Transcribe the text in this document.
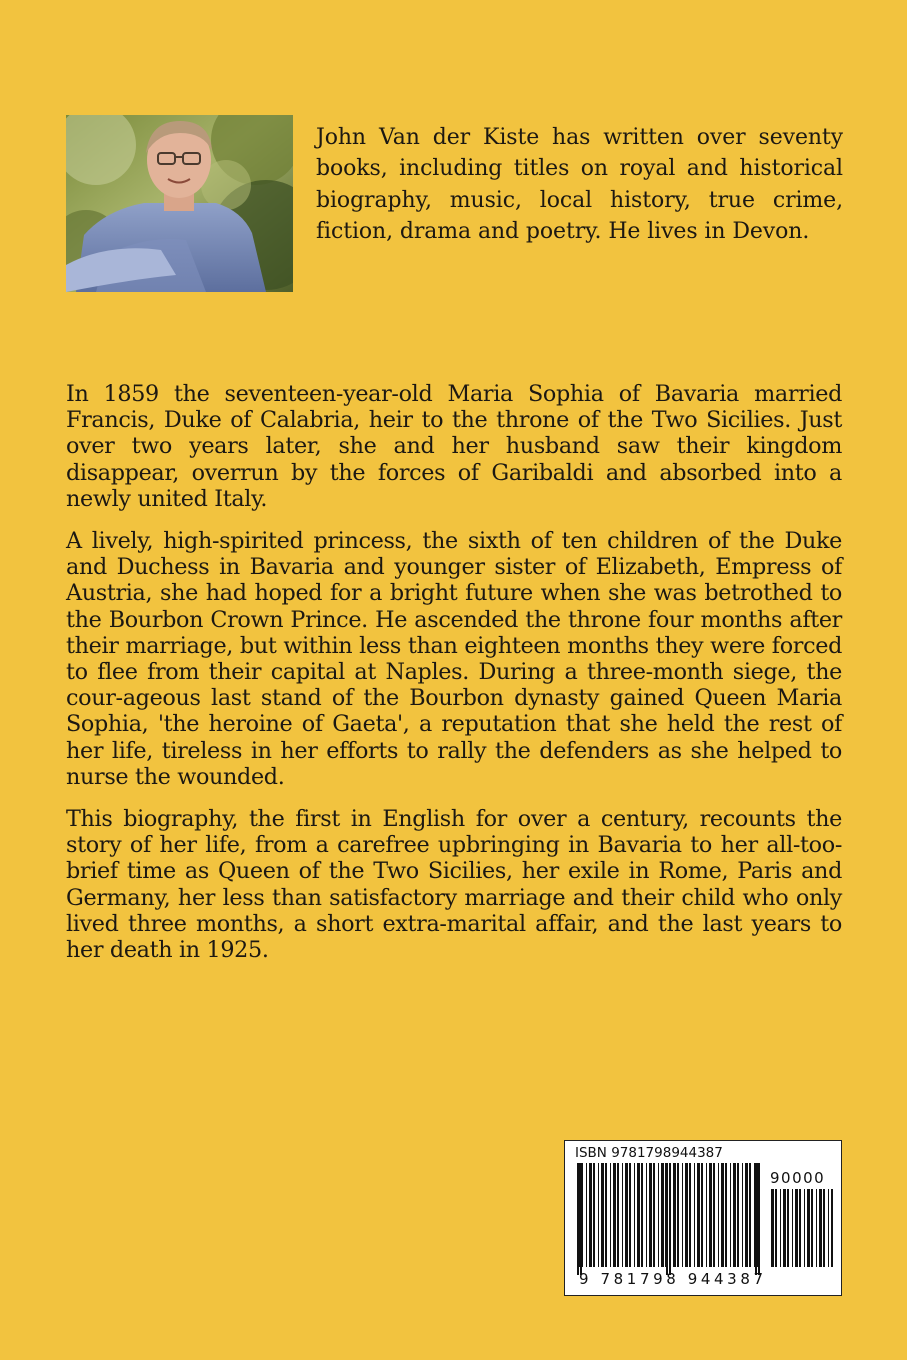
John Van der Kiste has written over seventy books, including titles on royal and historical biography, music, local history, true crime, fiction, drama and poetry. He lives in Devon.

In 1859 the seventeen-year-old Maria Sophia of Bavaria married Francis, Duke of Calabria, heir to the throne of the Two Sicilies. Just over two years later, she and her husband saw their kingdom disappear, overrun by the forces of Garibaldi and absorbed into a newly united Italy.

A lively, high-spirited princess, the sixth of ten children of the Duke and Duchess in Bavaria and younger sister of Elizabeth, Empress of Austria, she had hoped for a bright future when she was betrothed to the Bourbon Crown Prince. He ascended the throne four months after their marriage, but within less than eighteen months they were forced to flee from their capital at Naples. During a three-month siege, the cour-ageous last stand of the Bourbon dynasty gained Queen Maria Sophia, 'the heroine of Gaeta', a reputation that she held the rest of her life, tireless in her efforts to rally the defenders as she helped to nurse the wounded.

This biography, the first in English for over a century, recounts the story of her life, from a carefree upbringing in Bavaria to her all-too-brief time as Queen of the Two Sicilies, her exile in Rome, Paris and Germany, her less than satisfactory marriage and their child who only lived three months, a short extra-marital affair, and the last years to her death in 1925.

ISBN 9781798944387
90000
9 781798 944387
